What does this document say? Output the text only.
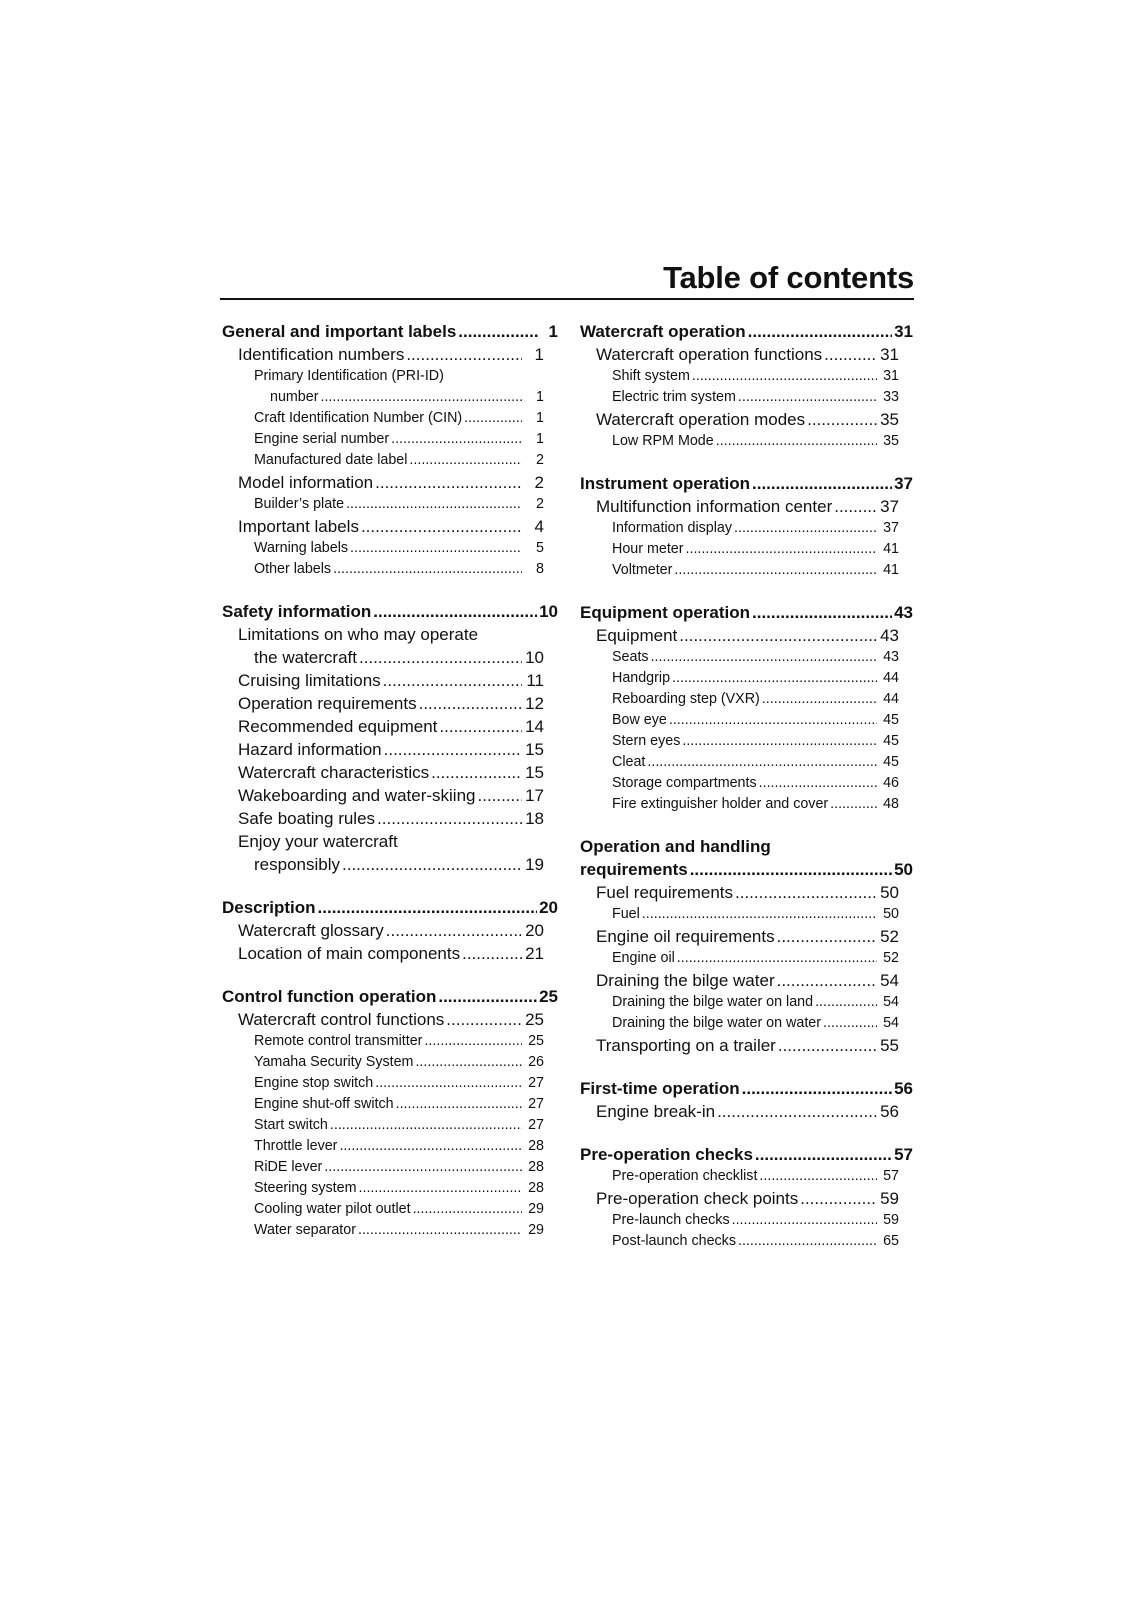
Table of contents
General and important labels .....	1
Identification numbers .....	1
Primary Identification (PRI-ID)
number .....	1
Craft Identification Number (CIN) .....	1
Engine serial number .....	1
Manufactured date label .....	2
Model information .....	2
Builder’s plate .....	2
Important labels .....	4
Warning labels .....	5
Other labels .....	8
Safety information .....	10
Limitations on who may operate
the watercraft .....	10
Cruising limitations .....	11
Operation requirements .....	12
Recommended equipment .....	14
Hazard information .....	15
Watercraft characteristics .....	15
Wakeboarding and water-skiing .....	17
Safe boating rules .....	18
Enjoy your watercraft
responsibly .....	19
Description .....	20
Watercraft glossary .....	20
Location of main components .....	21
Control function operation .....	25
Watercraft control functions .....	25
Remote control transmitter .....	25
Yamaha Security System .....	26
Engine stop switch .....	27
Engine shut-off switch .....	27
Start switch .....	27
Throttle lever .....	28
RiDE lever .....	28
Steering system .....	28
Cooling water pilot outlet .....	29
Water separator .....	29
Watercraft operation .....	31
Watercraft operation functions .....	31
Shift system .....	31
Electric trim system .....	33
Watercraft operation modes .....	35
Low RPM Mode .....	35
Instrument operation .....	37
Multifunction information center .....	37
Information display .....	37
Hour meter .....	41
Voltmeter .....	41
Equipment operation .....	43
Equipment .....	43
Seats .....	43
Handgrip .....	44
Reboarding step (VXR) .....	44
Bow eye .....	45
Stern eyes .....	45
Cleat .....	45
Storage compartments .....	46
Fire extinguisher holder and cover .....	48
Operation and handling
requirements .....	50
Fuel requirements .....	50
Fuel .....	50
Engine oil requirements .....	52
Engine oil .....	52
Draining the bilge water .....	54
Draining the bilge water on land .....	54
Draining the bilge water on water .....	54
Transporting on a trailer .....	55
First-time operation .....	56
Engine break-in .....	56
Pre-operation checks .....	57
Pre-operation checklist .....	57
Pre-operation check points .....	59
Pre-launch checks .....	59
Post-launch checks .....	65
